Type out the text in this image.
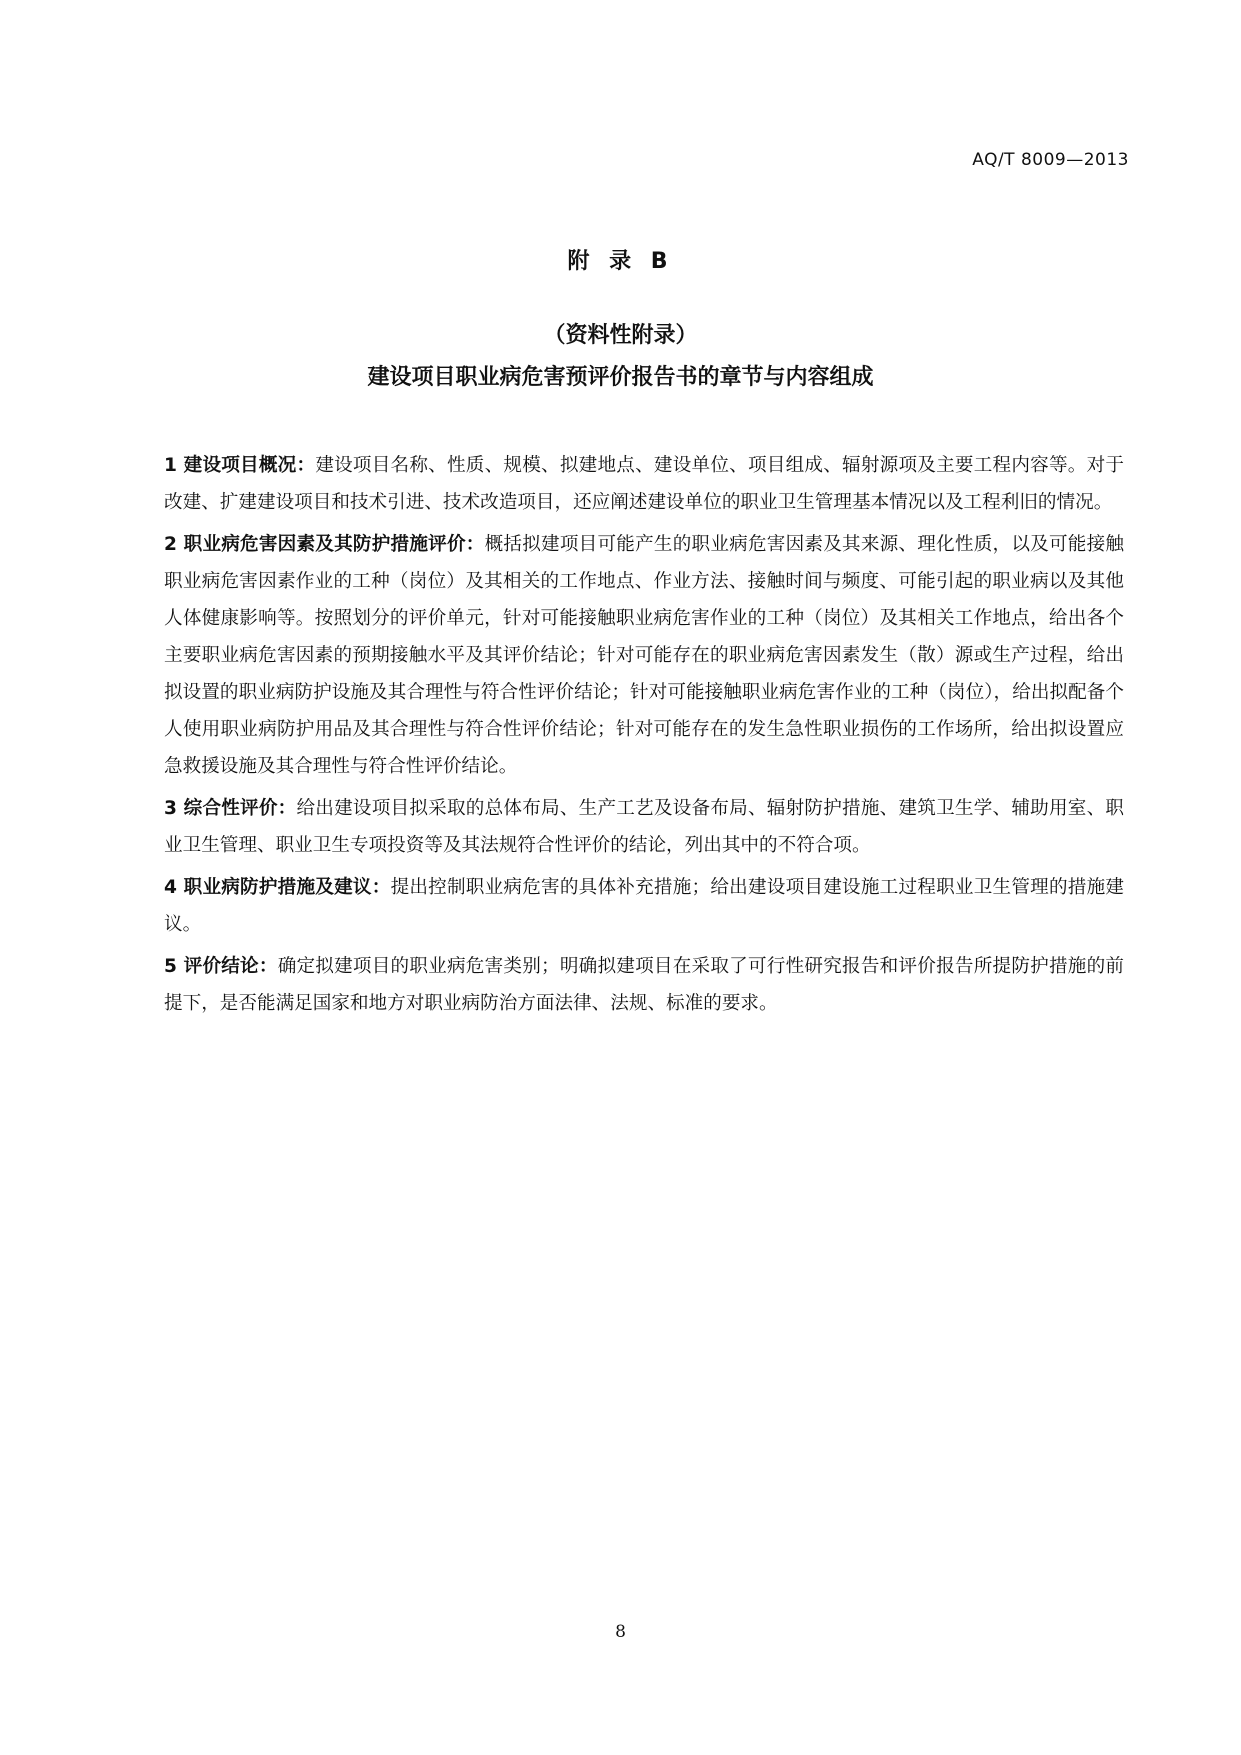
AQ/T 8009—2013
附 录 B
（资料性附录）
建设项目职业病危害预评价报告书的章节与内容组成

1 建设项目概况：建设项目名称、性质、规模、拟建地点、建设单位、项目组成、辐射源项及主要工程内容等。对于改建、扩建建设项目和技术引进、技术改造项目，还应阐述建设单位的职业卫生管理基本情况以及工程利旧的情况。

2 职业病危害因素及其防护措施评价：概括拟建项目可能产生的职业病危害因素及其来源、理化性质，以及可能接触职业病危害因素作业的工种（岗位）及其相关的工作地点、作业方法、接触时间与频度、可能引起的职业病以及其他人体健康影响等。按照划分的评价单元，针对可能接触职业病危害作业的工种（岗位）及其相关工作地点，给出各个主要职业病危害因素的预期接触水平及其评价结论；针对可能存在的职业病危害因素发生（散）源或生产过程，给出拟设置的职业病防护设施及其合理性与符合性评价结论；针对可能接触职业病危害作业的工种（岗位），给出拟配备个人使用职业病防护用品及其合理性与符合性评价结论；针对可能存在的发生急性职业损伤的工作场所，给出拟设置应急救援设施及其合理性与符合性评价结论。

3 综合性评价：给出建设项目拟采取的总体布局、生产工艺及设备布局、辐射防护措施、建筑卫生学、辅助用室、职业卫生管理、职业卫生专项投资等及其法规符合性评价的结论，列出其中的不符合项。

4 职业病防护措施及建议：提出控制职业病危害的具体补充措施；给出建设项目建设施工过程职业卫生管理的措施建议。

5 评价结论：确定拟建项目的职业病危害类别；明确拟建项目在采取了可行性研究报告和评价报告所提防护措施的前提下，是否能满足国家和地方对职业病防治方面法律、法规、标准的要求。

8
